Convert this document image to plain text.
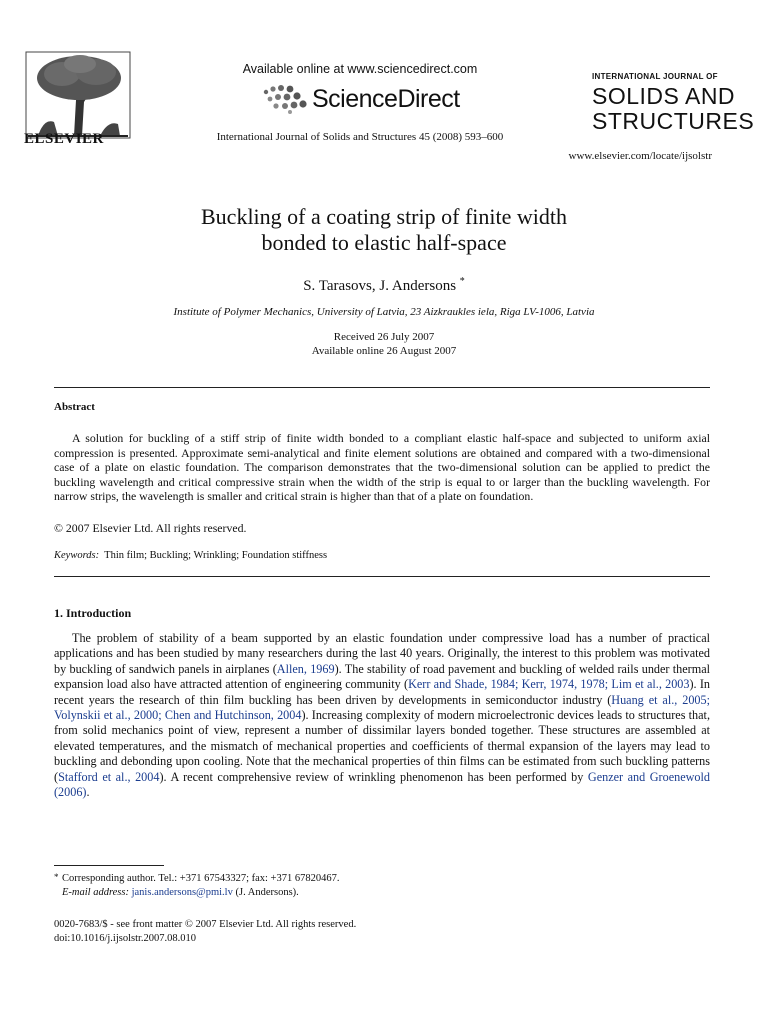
ELSEVIER
Available online at www.sciencedirect.com
ScienceDirect
International Journal of Solids and Structures 45 (2008) 593–600
INTERNATIONAL JOURNAL OF
SOLIDS AND
STRUCTURES
www.elsevier.com/locate/ijsolstr
Buckling of a coating strip of finite width
bonded to elastic half-space
S. Tarasovs, J. Andersons *
Institute of Polymer Mechanics, University of Latvia, 23 Aizkraukles iela, Riga LV-1006, Latvia
Received 26 July 2007
Available online 26 August 2007
Abstract

A solution for buckling of a stiff strip of finite width bonded to a compliant elastic half-space and subjected to uniform axial compression is presented. Approximate semi-analytical and finite element solutions are obtained and compared with a two-dimensional case of a plate on elastic foundation. The comparison demonstrates that the two-dimensional solution can be applied to predict the buckling wavelength and critical compressive strain when the width of the strip is equal to or larger than the buckling wavelength. For narrow strips, the wavelength is smaller and critical strain is higher than that of a plate on foundation.

© 2007 Elsevier Ltd. All rights reserved.
Keywords: Thin film; Buckling; Wrinkling; Foundation stiffness
1. Introduction

The problem of stability of a beam supported by an elastic foundation under compressive load has a number of practical applications and has been studied by many researchers during the last 40 years. Originally, the interest to this problem was motivated by buckling of sandwich panels in airplanes (Allen, 1969). The stability of road pavement and buckling of welded rails under thermal expansion load also have attracted attention of engineering community (Kerr and Shade, 1984; Kerr, 1974, 1978; Lim et al., 2003). In recent years the research of thin film buckling has been driven by developments in semiconductor industry (Huang et al., 2005; Volynskii et al., 2000; Chen and Hutchinson, 2004). Increasing complexity of modern microelectronic devices leads to structures that, from solid mechanics point of view, represent a number of dissimilar layers bonded together. These structures are assembled at elevated temperatures, and the mismatch of mechanical properties and coefficients of thermal expansion of the layers may lead to buckling and debonding upon cooling. Note that the mechanical properties of thin films can be estimated from such buckling patterns (Stafford et al., 2004). A recent comprehensive review of wrinkling phenomenon has been performed by Genzer and Groenewold (2006).

* Corresponding author. Tel.: +371 67543327; fax: +371 67820467.
E-mail address: janis.andersons@pmi.lv (J. Andersons).
0020-7683/$ - see front matter © 2007 Elsevier Ltd. All rights reserved.
doi:10.1016/j.ijsolstr.2007.08.010
